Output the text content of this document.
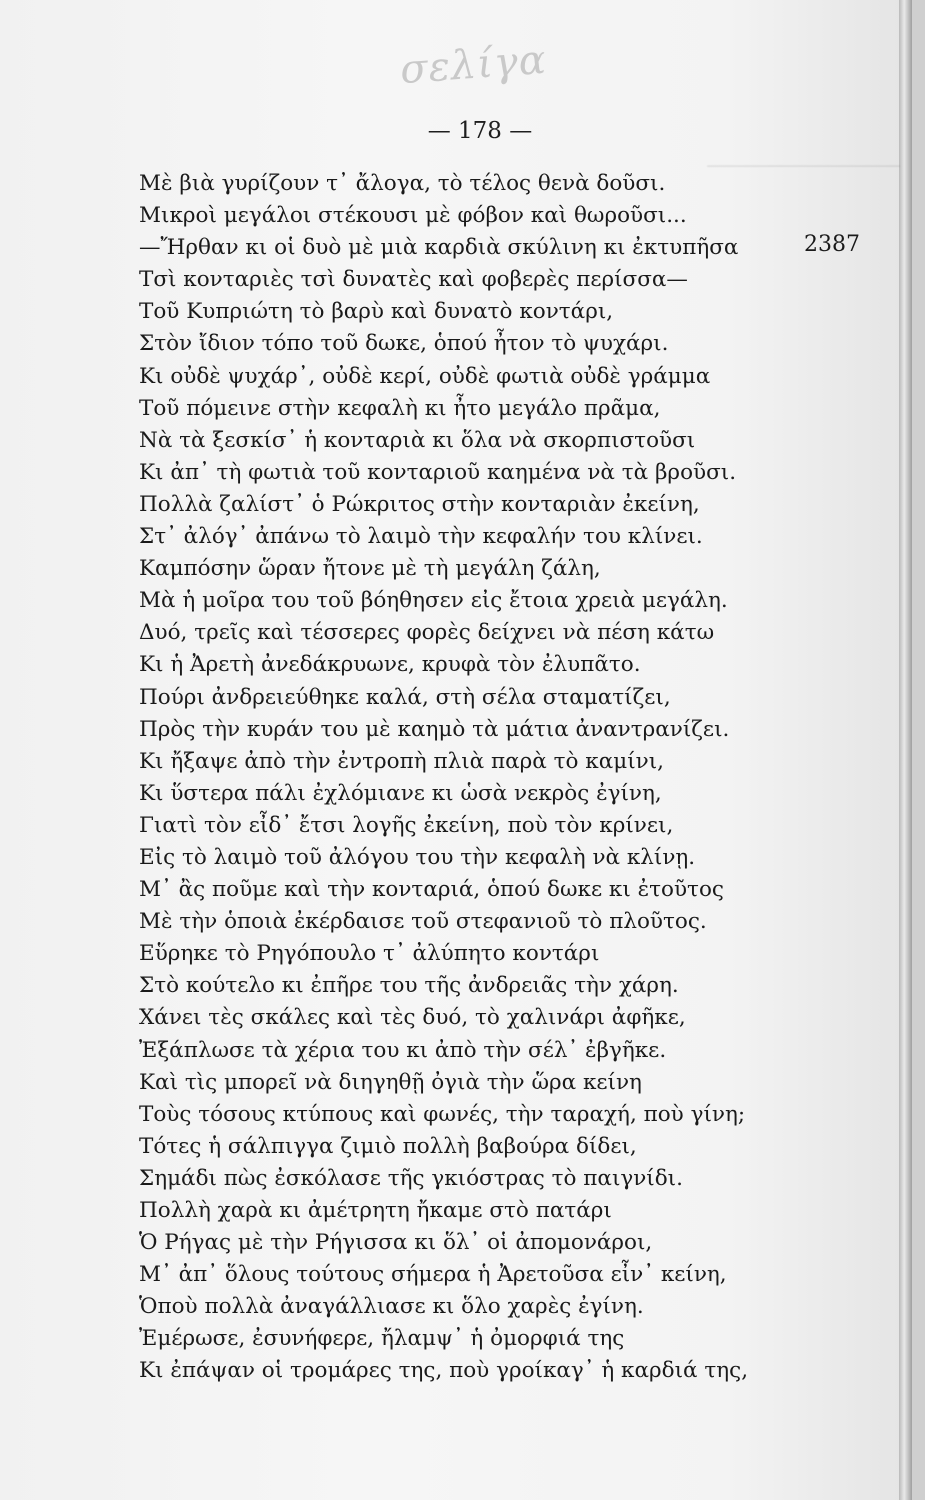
────────────────
σελίγα
— 178 —
Μὲ βιὰ γυρίζουν τ᾽ ἄλογα, τὸ τέλος θενὰ δοῦσι.
Μικροὶ μεγάλοι στέκουσι μὲ φόβον καὶ θωροῦσι...
—Ἤρθαν κι οἱ δυὸ μὲ μιὰ καρδιὰ σκύλινη κι ἐκτυπῆσα
Τσὶ κονταριὲς τσὶ δυνατὲς καὶ φοβερὲς περίσσα—
Τοῦ Κυπριώτη τὸ βαρὺ καὶ δυνατὸ κοντάρι,
Στὸν ἴδιον τόπο τοῦ δωκε, ὁπού ἦτον τὸ ψυχάρι.
Κι οὐδὲ ψυχάρ᾽, οὐδὲ κερί, οὐδὲ φωτιὰ οὐδὲ γράμμα
Τοῦ πόμεινε στὴν κεφαλὴ κι ἦτο μεγάλο πρᾶμα,
Νὰ τὰ ξεσκίσ᾽ ἡ κονταριὰ κι ὅλα νὰ σκορπιστοῦσι
Κι ἀπ᾽ τὴ φωτιὰ τοῦ κονταριοῦ καημένα νὰ τὰ βροῦσι.
Πολλὰ ζαλίστ᾽ ὁ Ρώκριτος στὴν κονταριὰν ἐκείνη,
Στ᾽ ἀλόγ᾽ ἀπάνω τὸ λαιμὸ τὴν κεφαλήν του κλίνει.
Καμπόσην ὥραν ἤτονε μὲ τὴ μεγάλη ζάλη,
Μὰ ἡ μοῖρα του τοῦ βόηθησεν εἰς ἔτοια χρειὰ μεγάλη.
Δυό, τρεῖς καὶ τέσσερες φορὲς δείχνει νὰ πέση κάτω
Κι ἡ Ἀρετὴ ἀνεδάκρυωνε, κρυφὰ τὸν ἐλυπᾶτο.
Πούρι ἀνδρειεύθηκε καλά, στὴ σέλα σταματίζει,
Πρὸς τὴν κυράν του μὲ καημὸ τὰ μάτια ἀναντρανίζει.
Κι ἤξαψε ἀπὸ τὴν ἐντροπὴ πλιὰ παρὰ τὸ καμίνι,
Κι ὕστερα πάλι ἐχλόμιανε κι ὡσὰ νεκρὸς ἐγίνη,
Γιατὶ τὸν εἶδ᾽ ἔτσι λογῆς ἐκείνη, ποὺ τὸν κρίνει,
Εἰς τὸ λαιμὸ τοῦ ἀλόγου του τὴν κεφαλὴ νὰ κλίνῃ.
Μ᾽ ἂς ποῦμε καὶ τὴν κονταριά, ὁπού δωκε κι ἐτοῦτος
Μὲ τὴν ὁποιὰ ἐκέρδαισε τοῦ στεφανιοῦ τὸ πλοῦτος.
Εὕρηκε τὸ Ρηγόπουλο τ᾽ ἀλύπητο κοντάρι
Στὸ κούτελο κι ἐπῆρε του τῆς ἀνδρειᾶς τὴν χάρη.
Χάνει τὲς σκάλες καὶ τὲς δυό, τὸ χαλινάρι ἀφῆκε,
Ἐξάπλωσε τὰ χέρια του κι ἀπὸ τὴν σέλ᾽ ἐβγῆκε.
Καὶ τὶς μπορεῖ νὰ διηγηθῇ ὀγιὰ τὴν ὥρα κείνη
Τοὺς τόσους κτύπους καὶ φωνές, τὴν ταραχή, ποὺ γίνη;
Τότες ἡ σάλπιγγα ζιμιὸ πολλὴ βαβούρα δίδει,
Σημάδι πὼς ἐσκόλασε τῆς γκιόστρας τὸ παιγνίδι.
Πολλὴ χαρὰ κι ἀμέτρητη ἤκαμε στὸ πατάρι
Ὁ Ρήγας μὲ τὴν Ρήγισσα κι ὅλ᾽ οἱ ἀπομονάροι,
Μ᾽ ἀπ᾽ ὅλους τούτους σήμερα ἡ Ἀρετοῦσα εἶν᾽ κείνη,
Ὁποὺ πολλὰ ἀναγάλλιασε κι ὅλο χαρὲς ἐγίνη.
Ἐμέρωσε, ἐσυνήφερε, ἤλαμψ᾽ ἡ ὀμορφιά της
Κι ἐπάψαν οἱ τρομάρες της, ποὺ γροίκαγ᾽ ἡ καρδιά της,
2387
